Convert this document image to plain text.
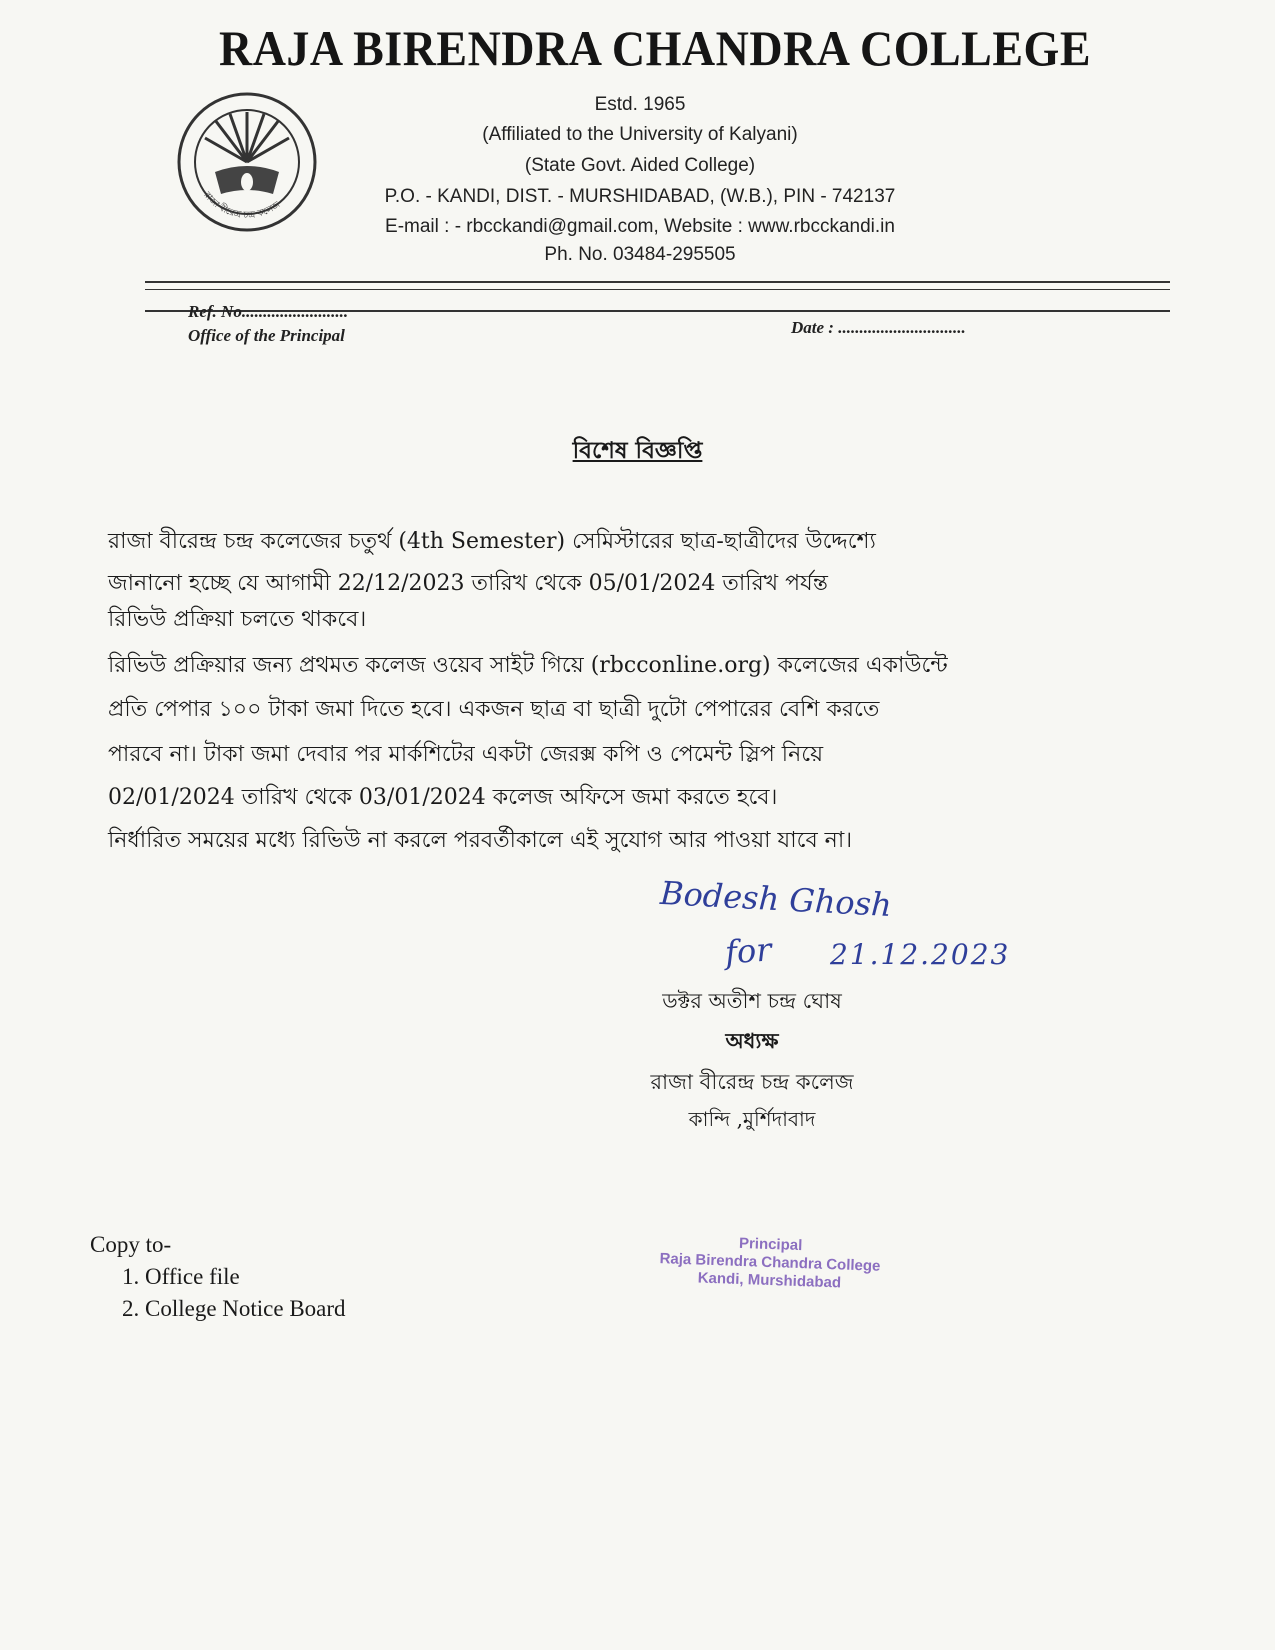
RAJA BIRENDRA CHANDRA COLLEGE
রাজা বীরেন্দ্র চন্দ্র কলেজ
Estd. 1965
(Affiliated to the University of Kalyani)
(State Govt. Aided College)
P.O. - KANDI, DIST. - MURSHIDABAD, (W.B.), PIN - 742137
E-mail : - rbcckandi@gmail.com, Website : www.rbcckandi.in
Ph. No. 03484-295505
Ref. No.........................
Office of the Principal	Date : ..............................
বিশেষ বিজ্ঞপ্তি
রাজা বীরেন্দ্র চন্দ্র কলেজের চতুর্থ (4th Semester) সেমিস্টারের ছাত্র-ছাত্রীদের উদ্দেশ্যে
জানানো হচ্ছে যে আগামী 22/12/2023 তারিখ থেকে 05/01/2024 তারিখ পর্যন্ত
রিভিউ প্রক্রিয়া চলতে থাকবে।
রিভিউ প্রক্রিয়ার জন্য প্রথমত কলেজ ওয়েব সাইট গিয়ে (rbcconline.org) কলেজের একাউন্টে
প্রতি পেপার ১০০ টাকা জমা দিতে হবে। একজন ছাত্র বা ছাত্রী দুটো পেপারের বেশি করতে
পারবে না। টাকা জমা দেবার পর মার্কশিটের একটা জেরক্স কপি ও পেমেন্ট স্লিপ নিয়ে
02/01/2024 তারিখ থেকে 03/01/2024 কলেজ অফিসে জমা করতে হবে।
নির্ধারিত সময়ের মধ্যে রিভিউ না করলে পরবর্তীকালে এই সুযোগ আর পাওয়া যাবে না।
Bodesh Ghosh
for 21.12.2023
ডক্টর অতীশ চন্দ্র ঘোষ
অধ্যক্ষ
রাজা বীরেন্দ্র চন্দ্র কলেজ
কান্দি ,মুর্শিদাবাদ
Principal
Raja Birendra Chandra College
Kandi, Murshidabad
Copy to-
1. Office file
2. College Notice Board
